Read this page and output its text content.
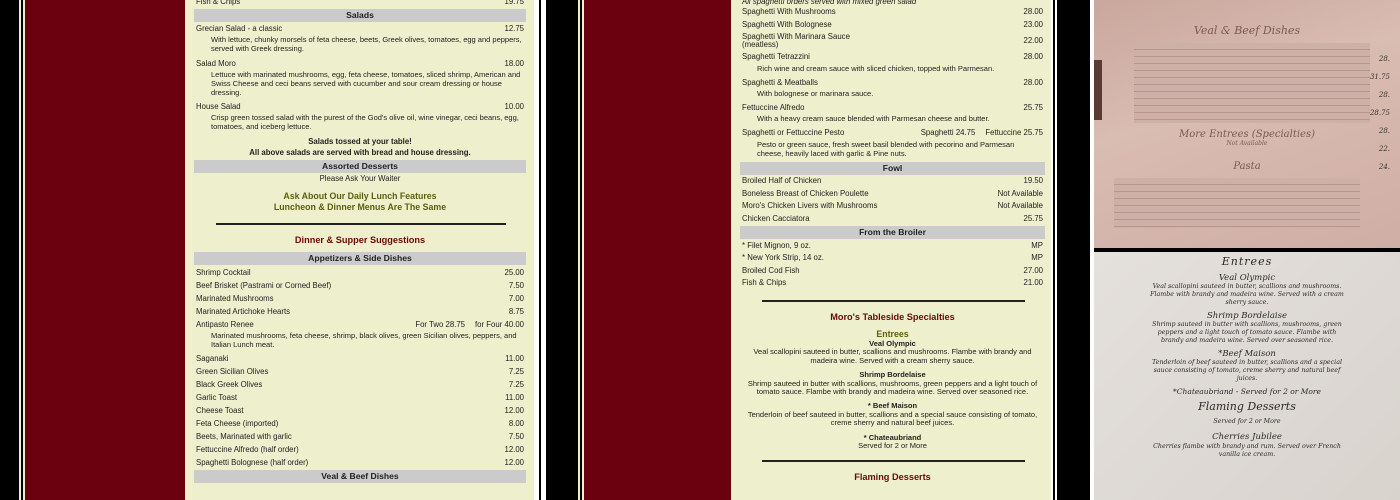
Fish & Chips	19.75
Salads
Grecian Salad - a classic	12.75
With lettuce, chunky morsels of feta cheese, beets, Greek olives, tomatoes, egg and peppers, served with Greek dressing.
Salad Moro	18.00
Lettuce with marinated mushrooms, egg, feta cheese, tomatoes, sliced shrimp, American and Swiss Cheese and ceci beans served with cucumber and sour cream dressing or house dressing.
House Salad	10.00
Crisp green tossed salad with the purest of the God's olive oil, wine vinegar, ceci beans, egg, tomatoes, and iceberg lettuce.
Salads tossed at your table!
All above salads are served with bread and house dressing.
Assorted Desserts
Please Ask Your Waiter
Ask About Our Daily Lunch Features
Luncheon & Dinner Menus Are The Same
Dinner & Supper Suggestions
Appetizers & Side Dishes
Shrimp Cocktail	25.00
Beef Brisket (Pastrami or Corned Beef)	7.50
Marinated Mushrooms	7.00
Marinated Artichoke Hearts	8.75
Antipasto Renee	For Two 28.75 for Four 40.00
Marinated mushrooms, feta cheese, shrimp, black olives, green Sicilian olives, peppers, and Italian Lunch meat.
Saganaki	11.00
Green Sicilian Olives	7.25
Black Greek Olives	7.25
Garlic Toast	11.00
Cheese Toast	12.00
Feta Cheese (imported)	8.00
Beets, Marinated with garlic	7.50
Fettuccine Alfredo (half order)	12.00
Spaghetti Bolognese (half order)	12.00
Veal & Beef Dishes
All spaghetti orders served with mixed green salad
Spaghetti With Mushrooms	28.00
Spaghetti With Bolognese	23.00
Spaghetti With Marinara Sauce
(meatless)	22.00
Spaghetti Tetrazzini	28.00
Rich wine and cream sauce with sliced chicken, topped with Parmesan.
Spaghetti & Meatballs	28.00
With bolognese or marinara sauce.
Fettuccine Alfredo	25.75
With a heavy cream sauce blended with Parmesan cheese and butter.
Spaghetti or Fettuccine Pesto	Spaghetti 24.75 Fettuccine 25.75
Pesto or green sauce, fresh sweet basil blended with pecorino and Parmesan cheese, heavily laced with garlic & Pine nuts.
Fowl
Broiled Half of Chicken	19.50
Boneless Breast of Chicken Poulette	Not Available
Moro's Chicken Livers with Mushrooms	Not Available
Chicken Cacciatora	25.75
From the Broiler
* Filet Mignon, 9 oz.	MP
* New York Strip, 14 oz.	MP
Broiled Cod Fish	27.00
Fish & Chips	21.00
Moro's Tableside Specialties
Entrees
Veal Olympic
Veal scallopini sauteed in butter, scallions and mushrooms. Flambe with brandy and madeira wine. Served with a cream sherry sauce.
Shrimp Bordelaise
Shrimp sauteed in butter with scallions, mushrooms, green peppers and a light touch of tomato sauce. Flambe with brandy and madeira wine. Served over seasoned rice.
* Beef Maison
Tenderloin of beef sauteed in butter, scallions and a special sauce consisting of tomato, creme sherry and natural beef juices.
* Chateaubriand
Served for 2 or More
Flaming Desserts
Veal & Beef Dishes
More Entrees (Specialties)
Not Available
Pasta
28.
31.75
28.
28.75
28.
22.
24.
Entrees
Veal Olympic
Veal scallopini sauteed in butter, scallions and mushrooms. Flambe with brandy and madeira wine. Served with a cream sherry sauce.
Shrimp Bordelaise
Shrimp sauteed in butter with scallions, mushrooms, green peppers and a light touch of tomato sauce. Flambe with brandy and madeira wine. Served over seasoned rice.
*Beef Maison
Tenderloin of beef sauteed in butter, scallions and a special sauce consisting of tomato, creme sherry and natural beef juices.
*Chateaubriand - Served for 2 or More
Flaming Desserts
Served for 2 or More
Cherries Jubilee
Cherries flambe with brandy and rum. Served over French vanilla ice cream.
